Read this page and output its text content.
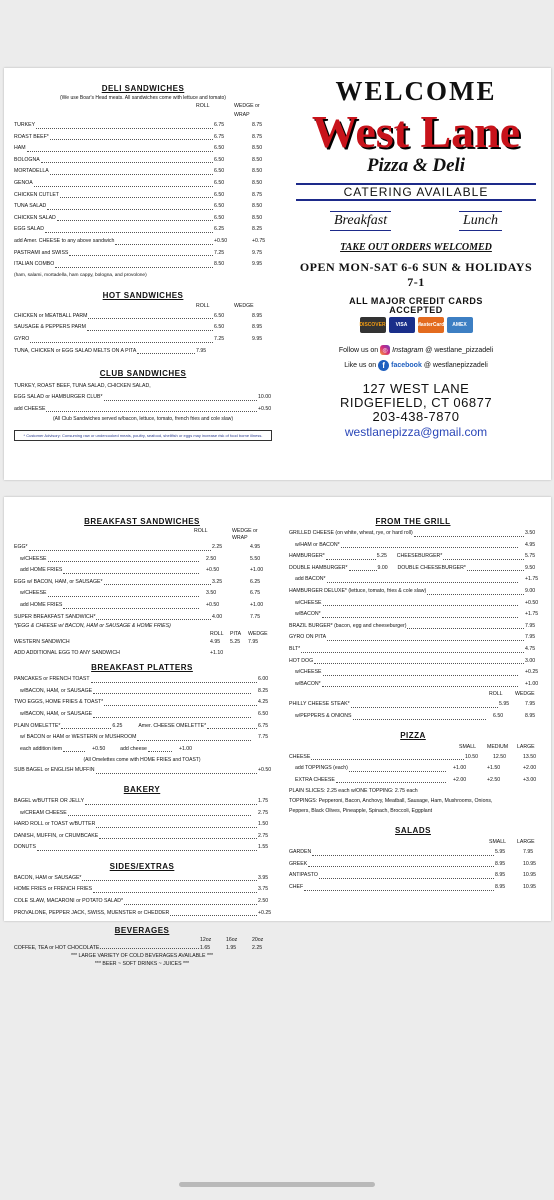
DELI SANDWICHES
(We use Boar's Head meats. All sandwiches come with lettuce and tomato)
ROLL	WEDGE or WRAP
TURKEY	6.75	8.75
ROAST BEEF*	6.75	8.75
HAM	6.50	8.50
BOLOGNA	6.50	8.50
MORTADELLA	6.50	8.50
GENOA	6.50	8.50
CHICKEN CUTLET	6.50	8.75
TUNA SALAD	6.50	8.50
CHICKEN SALAD	6.50	8.50
EGG SALAD	6.25	8.25
add Amer. CHEESE to any above sandwich	+0.50	+0.75
PASTRAMI and SWISS	7.25	9.75
ITALIAN COMBO	8.50	9.95
(ham, salami, mortadella, ham cappy, bologna, and provolone)
HOT SANDWICHES
ROLL	WEDGE
CHICKEN or MEATBALL PARM	6.50	8.95
SAUSAGE & PEPPERS PARM	6.50	8.95
GYRO	7.25	9.95
TUNA, CHICKEN or EGG SALAD MELTS ON A PITA	7.95
CLUB SANDWICHES
TURKEY, ROAST BEEF, TUNA SALAD, CHICKEN SALAD,
EGG SALAD or HAMBURGER CLUB*	10.00
add CHEESE	+0.50
(All Club Sandwiches served w/bacon, lettuce, tomato, french fries and cole slaw)
* Customer Advisory: Consuming raw or undercooked meats, poultry, seafood, shellfish or eggs may increase risk of food borne illness.
WELCOME
West Lane
Pizza & Deli
CATERING AVAILABLE
Breakfast	Lunch
TAKE OUT ORDERS WELCOMED
OPEN MON-SAT 6-6 SUN & HOLIDAYS 7-1
ALL MAJOR CREDIT CARDS
ACCEPTED
DISCOVER	VISA	MasterCard	AMEX
Follow us on ◎ Instagram @ westlane_pizzadeli
Like us on f facebook @ westlanepizzadeli
127 WEST LANE
RIDGEFIELD, CT 06877
203-438-7870
westlanepizza@gmail.com
BREAKFAST SANDWICHES
ROLL	WEDGE or WRAP
EGG*	2.25	4.95
w/CHEESE	2.50	5.50
add HOME FRIES	+0.50	+1.00
EGG w/ BACON, HAM, or SAUSAGE*	3.25	6.25
w/CHEESE	3.50	6.75
add HOME FRIES	+0.50	+1.00
SUPER BREAKFAST SANDWICH*	4.00	7.75
*(EGG & CHEESE w/ BACON, HAM or SAUSAGE & HOME FRIES)
ROLL	PITA	WEDGE
WESTERN SANDWICH	4.95	5.25	7.95
ADD ADDITIONAL EGG TO ANY SANDWICH	+1.10
BREAKFAST PLATTERS
PANCAKES or FRENCH TOAST	6.00
w/BACON, HAM, or SAUSAGE	8.25
TWO EGGS, HOME FRIES & TOAST*	4.25
w/BACON, HAM, or SAUSAGE	6.50
PLAIN OMELETTE*	6.25	Amer. CHEESE OMELETTE*	6.75
w/ BACON or HAM or WESTERN or MUSHROOM	7.75
each addition item	+0.50	add cheese	+1.00
(All Omelettes come with HOME FRIES and TOAST)
SUB BAGEL or ENGLISH MUFFIN	+0.50
BAKERY
BAGEL w/BUTTER OR JELLY	1.75
w/CREAM CHEESE	2.75
HARD ROLL or TOAST w/BUTTER	1.50
DANISH, MUFFIN, or CRUMBCAKE	2.75
DONUTS	1.55
SIDES/EXTRAS
BACON, HAM or SAUSAGE*	3.95
HOME FRIES or FRENCH FRIES	3.75
COLE SLAW, MACARONI or POTATO SALAD*	2.50
PROVALONE, PEPPER JACK, SWISS, MUENSTER or CHEDDER	+0.25
BEVERAGES
12oz	16oz	20oz
COFFEE, TEA or HOT CHOCOLATE	1.65	1.95	2.25
*** LARGE VARIETY OF COLD BEVERAGES AVAILABLE ***
*** BEER ~ SOFT DRINKS ~ JUICES ***
FROM THE GRILL
GRILLED CHEESE (on white, wheat, rye, or hard roll)	3.50
w/HAM or BACON*	4.95
HAMBURGER*	5.25	CHEESEBURGER*	5.75
DOUBLE HAMBURGER*	9.00	DOUBLE CHEESEBURGER*	9.50
add BACON*	+1.75
HAMBURGER DELUXE* (lettuce, tomato, fries & cole slaw)	9.00
w/CHEESE	+0.50
w/BACON*	+1.75
BRAZIL BURGER* (bacon, egg and cheeseburger)	7.95
GYRO ON PITA	7.95
BLT*	4.75
HOT DOG	3.00
w/CHEESE	+0.25
w/BACON*	+1.00
ROLL	WEDGE
PHILLY CHEESE STEAK*	5.95	7.95
w/PEPPERS & ONIONS	6.50	8.95
PIZZA
SMALL	MEDIUM	LARGE
CHEESE	10.50	12.50	13.50
add TOPPINGS (each)	+1.00	+1.50	+2.00
EXTRA CHEESE	+2.00	+2.50	+3.00
PLAIN SLICES: 2.25 each w/ONE TOPPING: 2.75 each
TOPPINGS: Pepperoni, Bacon, Anchovy, Meatball, Sausage, Ham, Mushrooms, Onions,
Peppers, Black Olives, Pineapple, Spinach, Broccoli, Eggplant
SALADS
SMALL	LARGE
GARDEN	5.95	7.95
GREEK	8.95	10.95
ANTIPASTO	8.95	10.95
CHEF	8.95	10.95
